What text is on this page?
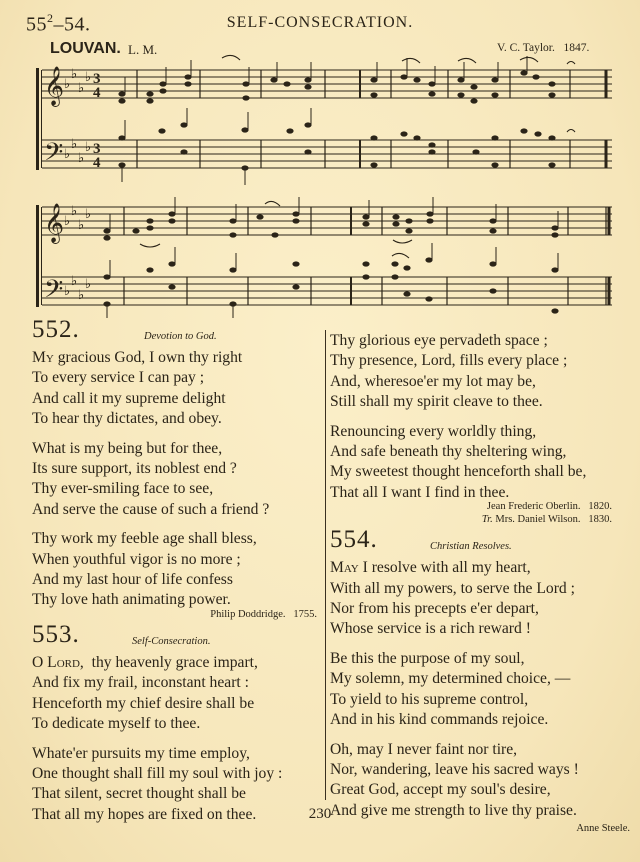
$55^2-54$.	SELF-CONSECRATION.
LOUVAN. L. M.	V. C. Taylor. 1847.
𝄞
𝄢
𝄞
𝄢
♭
♭
♭
♭
♭
♭
♭
♭
♭
♭
♭
♭
♭
♭
♭
♭
3
4
3
4
552.	Devotion to God.
My gracious God, I own thy right
To every service I can pay ;
And call it my supreme delight
To hear thy dictates, and obey.
What is my being but for thee,
Its sure support, its noblest end ?
Thy ever-smiling face to see,
And serve the cause of such a friend ?
Thy work my feeble age shall bless,
When youthful vigor is no more ;
And my last hour of life confess
Thy love hath animating power.
Philip Doddridge. 1755.
553.	Self-Consecration.
O Lord,  thy heavenly grace impart,
And fix my frail, inconstant heart :
Henceforth my chief desire shall be
To dedicate myself to thee.
Whate'er pursuits my time employ,
One thought shall fill my soul with joy :
That silent, secret thought shall be
That all my hopes are fixed on thee.
Thy glorious eye pervadeth space ;
Thy presence, Lord, fills every place ;
And, wheresoe'er my lot may be,
Still shall my spirit cleave to thee.
Renouncing every worldly thing,
And safe beneath thy sheltering wing,
My sweetest thought henceforth shall be,
That all I want I find in thee.
Jean Frederic Oberlin. 1820.
Tr. Mrs. Daniel Wilson. 1830.
554.	Christian Resolves.
May I resolve with all my heart,
With all my powers, to serve the Lord ;
Nor from his precepts e'er depart,
Whose service is a rich reward !
Be this the purpose of my soul,
My solemn, my determined choice, —
To yield to his supreme control,
And in his kind commands rejoice.
Oh, may I never faint nor tire,
Nor, wandering, leave his sacred ways !
Great God, accept my soul's desire,
And give me strength to live thy praise.
Anne Steele.
230
